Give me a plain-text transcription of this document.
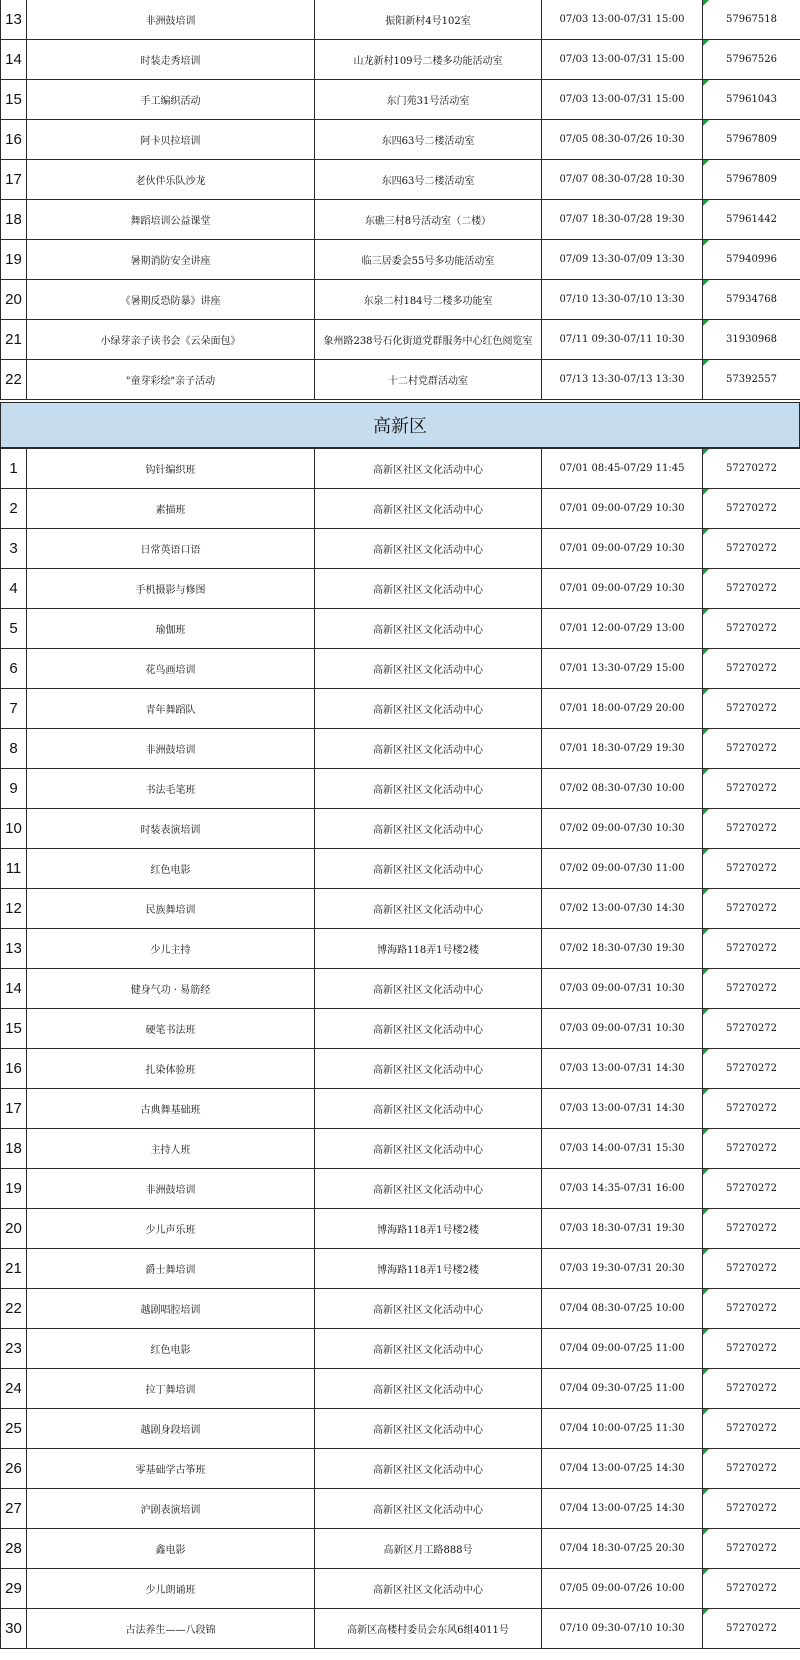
13	非洲鼓培训	振阳新村4号102室	07/03 13:00-07/31 15:00	57967518
14	时装走秀培训	山龙新村109号二楼多功能活动室	07/03 13:00-07/31 15:00	57967526
15	手工编织活动	东门苑31号活动室	07/03 13:00-07/31 15:00	57961043
16	阿卡贝拉培训	东四63号二楼活动室	07/05 08:30-07/26 10:30	57967809
17	老伙伴乐队沙龙	东四63号二楼活动室	07/07 08:30-07/28 10:30	57967809
18	舞蹈培训公益课堂	东礁三村8号活动室（二楼）	07/07 18:30-07/28 19:30	57961442
19	暑期消防安全讲座	临三居委会55号多功能活动室	07/09 13:30-07/09 13:30	57940996
20	《暑期反恐防暴》讲座	东泉二村184号二楼多功能室	07/10 13:30-07/10 13:30	57934768
21	小绿芽亲子读书会《云朵面包》	象州路238号石化街道党群服务中心红色阅览室	07/11 09:30-07/11 10:30	31930968
22	"童芽彩绘"亲子活动	十二村党群活动室	07/13 13:30-07/13 13:30	57392557
高新区
1	钩针编织班	高新区社区文化活动中心	07/01 08:45-07/29 11:45	57270272
2	素描班	高新区社区文化活动中心	07/01 09:00-07/29 10:30	57270272
3	日常英语口语	高新区社区文化活动中心	07/01 09:00-07/29 10:30	57270272
4	手机摄影与修图	高新区社区文化活动中心	07/01 09:00-07/29 10:30	57270272
5	瑜伽班	高新区社区文化活动中心	07/01 12:00-07/29 13:00	57270272
6	花鸟画培训	高新区社区文化活动中心	07/01 13:30-07/29 15:00	57270272
7	青年舞蹈队	高新区社区文化活动中心	07/01 18:00-07/29 20:00	57270272
8	非洲鼓培训	高新区社区文化活动中心	07/01 18:30-07/29 19:30	57270272
9	书法毛笔班	高新区社区文化活动中心	07/02 08:30-07/30 10:00	57270272
10	时装表演培训	高新区社区文化活动中心	07/02 09:00-07/30 10:30	57270272
11	红色电影	高新区社区文化活动中心	07/02 09:00-07/30 11:00	57270272
12	民族舞培训	高新区社区文化活动中心	07/02 13:00-07/30 14:30	57270272
13	少儿主持	博海路118弄1号楼2楼	07/02 18:30-07/30 19:30	57270272
14	健身气功 · 易筋经	高新区社区文化活动中心	07/03 09:00-07/31 10:30	57270272
15	硬笔书法班	高新区社区文化活动中心	07/03 09:00-07/31 10:30	57270272
16	扎染体验班	高新区社区文化活动中心	07/03 13:00-07/31 14:30	57270272
17	古典舞基础班	高新区社区文化活动中心	07/03 13:00-07/31 14:30	57270272
18	主持人班	高新区社区文化活动中心	07/03 14:00-07/31 15:30	57270272
19	非洲鼓培训	高新区社区文化活动中心	07/03 14:35-07/31 16:00	57270272
20	少儿声乐班	博海路118弄1号楼2楼	07/03 18:30-07/31 19:30	57270272
21	爵士舞培训	博海路118弄1号楼2楼	07/03 19:30-07/31 20:30	57270272
22	越剧唱腔培训	高新区社区文化活动中心	07/04 08:30-07/25 10:00	57270272
23	红色电影	高新区社区文化活动中心	07/04 09:00-07/25 11:00	57270272
24	拉丁舞培训	高新区社区文化活动中心	07/04 09:30-07/25 11:00	57270272
25	越剧身段培训	高新区社区文化活动中心	07/04 10:00-07/25 11:30	57270272
26	零基础学古筝班	高新区社区文化活动中心	07/04 13:00-07/25 14:30	57270272
27	沪剧表演培训	高新区社区文化活动中心	07/04 13:00-07/25 14:30	57270272
28	鑫电影	高新区月工路888号	07/04 18:30-07/25 20:30	57270272
29	少儿朗诵班	高新区社区文化活动中心	07/05 09:00-07/26 10:00	57270272
30	古法养生——八段锦	高新区高楼村委员会东风6组4011号	07/10 09:30-07/10 10:30	57270272
